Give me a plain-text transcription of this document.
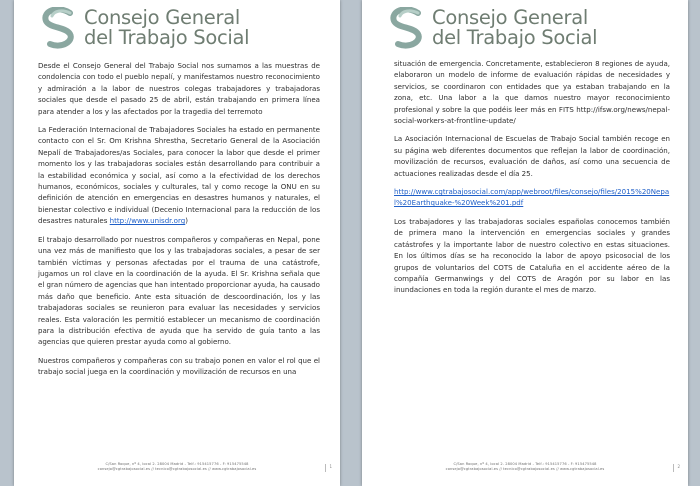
Consejo General
del Trabajo Social

Desde el Consejo General del Trabajo Social nos sumamos a las muestras de condolencia con todo el pueblo nepalí, y manifestamos nuestro reconocimiento y admiración a la labor de nuestros colegas trabajadores y trabajadoras sociales que desde el pasado 25 de abril, están trabajando en primera línea para atender a los y las afectados por la tragedia del terremoto

La Federación Internacional de Trabajadores Sociales ha estado en permanente contacto con el Sr. Om Krishna Shrestha, Secretario General de la Asociación Nepalí de Trabajadores/as Sociales, para conocer la labor que desde el primer momento los y las trabajadoras sociales están desarrollando para contribuir a la estabilidad económica y social, así como a la efectividad de los derechos humanos, económicos, sociales y culturales, tal y como recoge la ONU en su definición de atención en emergencias en desastres humanos y naturales, el bienestar colectivo e individual (Decenio Internacional para la reducción de los desastres naturales http://www.unisdr.org)

El trabajo desarrollado por nuestros compañeros y compañeras en Nepal, pone una vez más de manifiesto que los y las trabajadoras sociales, a pesar de ser también víctimas y personas afectadas por el trauma de una catástrofe, jugamos un rol clave en la coordinación de la ayuda. El Sr. Krishna señala que el gran número de agencias que han intentado proporcionar ayuda, ha causado más daño que beneficio. Ante esta situación de descoordinación, los y las trabajadoras sociales se reunieron para evaluar las necesidades y servicios reales. Esta valoración les permitió establecer un mecanismo de coordinación para la distribución efectiva de ayuda que ha servido de guía tanto a las agencias que quieren prestar ayuda como al gobierno.

Nuestros compañeros y compañeras con su trabajo ponen en valor el rol que el trabajo social juega en la coordinación y movilización de recursos en una

C/San Roque, nº 4, local 2. 28004 Madrid - Telf.: 915415776 - F: 915475548
consejo@cgtrabajosocial.es // tecnico@cgtrabajosocial.es // www.cgtrabajosocial.es	1
Consejo General
del Trabajo Social

situación de emergencia. Concretamente, establecieron 8 regiones de ayuda, elaboraron un modelo de informe de evaluación rápidas de necesidades y servicios, se coordinaron con entidades que ya estaban trabajando en la zona, etc. Una labor a la que damos nuestro mayor reconocimiento profesional y sobre la que podéis leer más en FITS http://ifsw.org/news/nepal-social-workers-at-frontline-update/

La Asociación Internacional de Escuelas de Trabajo Social también recoge en su página web diferentes documentos que reflejan la labor de coordinación, movilización de recursos, evaluación de daños, así como una secuencia de actuaciones realizadas desde el día 25.

http://www.cgtrabajosocial.com/app/webroot/files/consejo/files/2015%20Nepal%20Earthquake-%20Week%201.pdf

Los trabajadores y las trabajadoras sociales españolas conocemos también de primera mano la intervención en emergencias sociales y grandes catástrofes y la importante labor de nuestro colectivo en estas situaciones. En los últimos días se ha reconocido la labor de apoyo psicosocial de los grupos de voluntarios del COTS de Cataluña en el accidente aéreo de la compañía Germanwings y del COTS de Aragón por su labor en las inundaciones en toda la región durante el mes de marzo.

C/San Roque, nº 4, local 2. 28004 Madrid - Telf.: 915415776 - F: 915475548
consejo@cgtrabajosocial.es // tecnico@cgtrabajosocial.es // www.cgtrabajosocial.es	2
